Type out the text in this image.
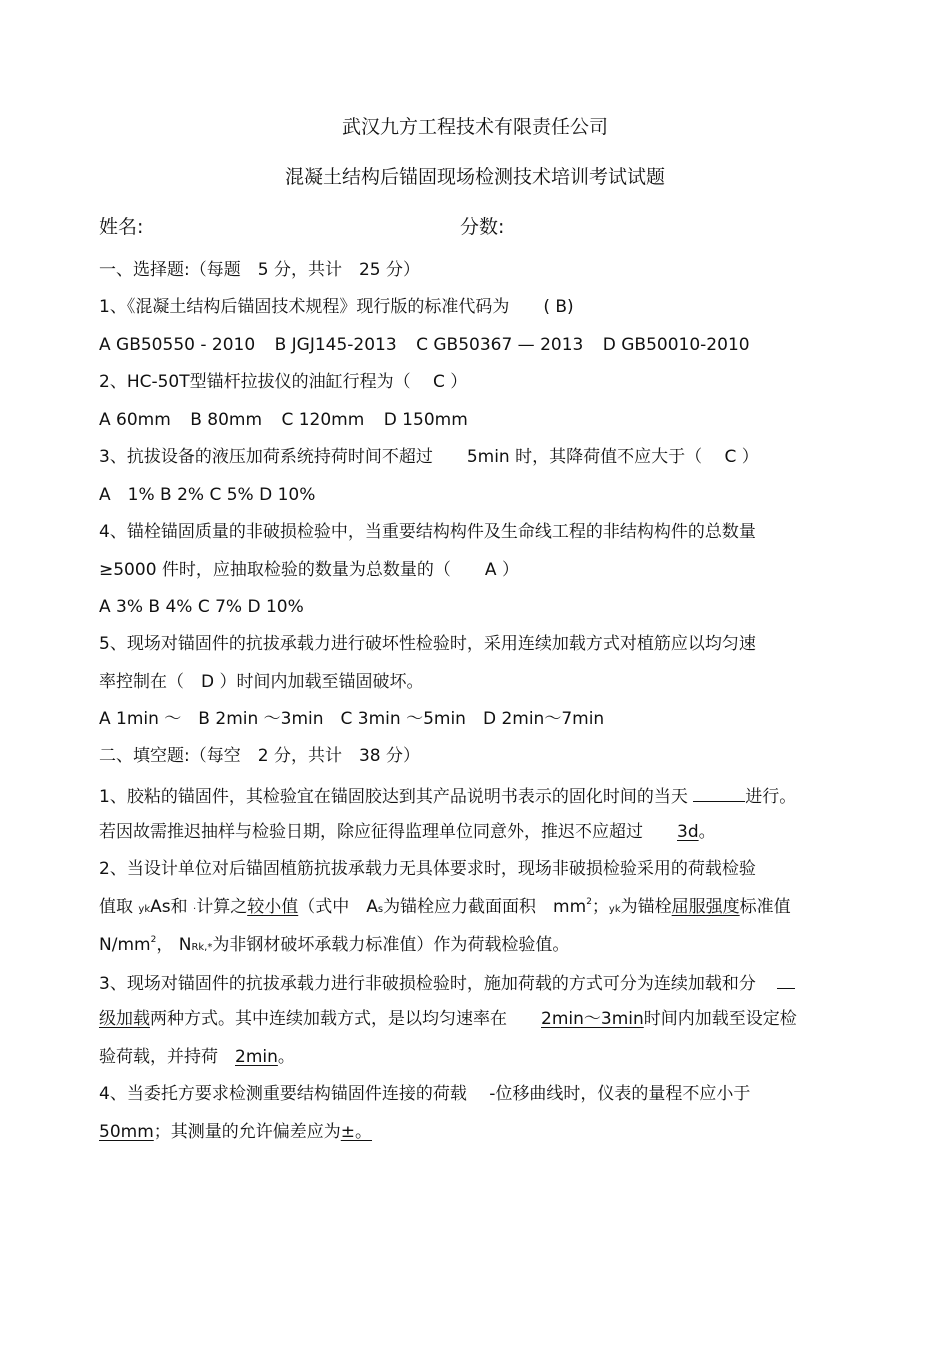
武汉九方工程技术有限责任公司
混凝土结构后锚固现场检测技术培训考试试题
姓名:	分数:
一、选择题:（每题　5 分，共计　25 分）
1、《混凝土结构后锚固技术规程》现行版的标准代码为　　( B)
A GB50550 - 2010 B JGJ145-2013 C GB50367 — 2013 D GB50010-2010
2、HC-50T型锚杆拉拔仪的油缸行程为（　 C ）
A 60mm B 80mm C 120mm D 150mm
3、抗拔设备的液压加荷系统持荷时间不超过　　5min 时，其降荷值不应大于（　 C ）
A　1% B 2% C 5% D 10%
4、锚栓锚固质量的非破损检验中，当重要结构构件及生命线工程的非结构构件的总数量
≥5000 件时，应抽取检验的数量为总数量的（　　A ）
A 3% B 4% C 7% D 10%
5、现场对锚固件的抗拔承载力进行破坏性检验时，采用连续加载方式对植筋应以均匀速
率控制在（　D ）时间内加载至锚固破坏。
A 1min ～　B 2min ～3min　C 3min ～5min　D 2min～7min
二、填空题:（每空　2 分，共计　38 分）
1、胶粘的锚固件，其检验宜在锚固胶达到其产品说明书表示的固化时间的当天	进行。
若因故需推迟抽样与检验日期，除应征得监理单位同意外，推迟不应超过　　3d。
2、当设计单位对后锚固植筋抗拔承载力无具体要求时，现场非破损检验采用的荷载检验
值取 ykAs和 ·计算之较小值（式中　As为锚栓应力截面面积　$mm^2$；yk为锚栓屈服强度标准值
$N/mm^2$， NRk,*为非钢材破坏承载力标准值）作为荷载检验值。
3、现场对锚固件的抗拔承载力进行非破损检验时，施加荷载的方式可分为连续加载和分
级加载两种方式。其中连续加载方式，是以均匀速率在　　2min～3min时间内加载至设定检
验荷载，并持荷　2min。
4、当委托方要求检测重要结构锚固件连接的荷载　 -位移曲线时，仪表的量程不应小于
50mm；其测量的允许偏差应为±。
